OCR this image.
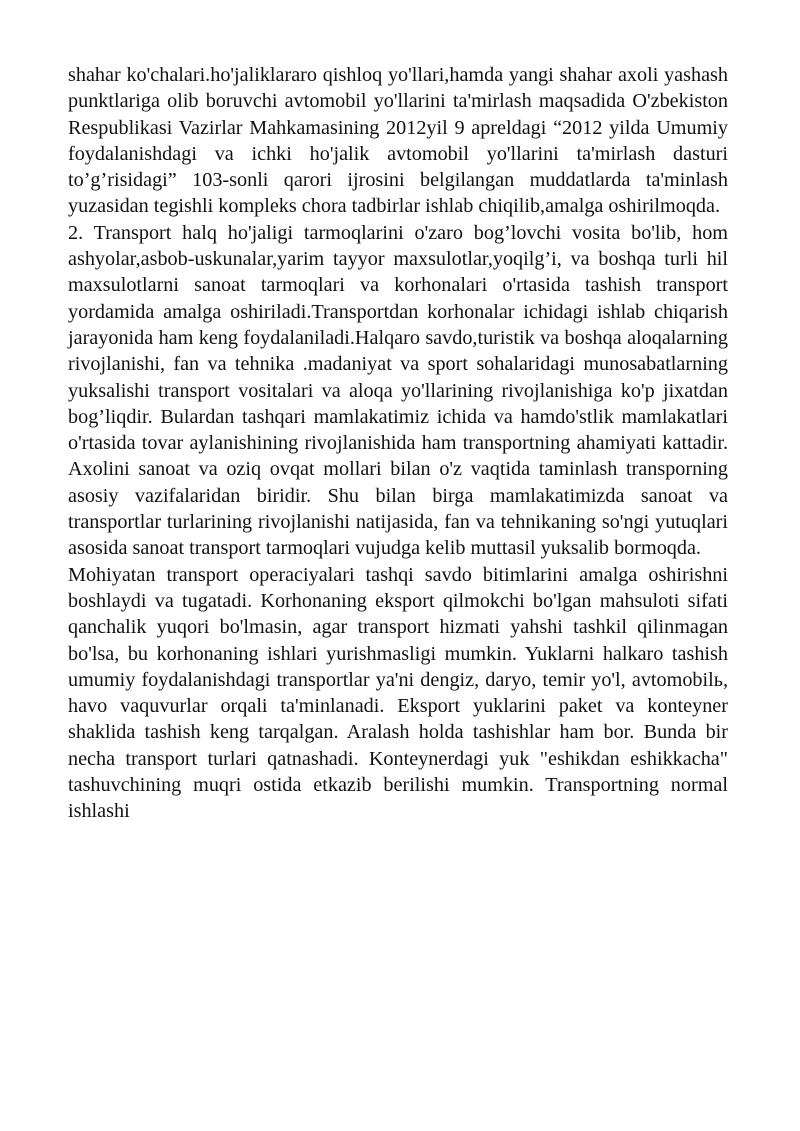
shahar ko'chalari.ho'jaliklararo qishloq yo'llari,hamda yangi shahar axoli yashash punktlariga olib boruvchi avtomobil yo'llarini ta'mirlash maqsadida O'zbekiston Respublikasi Vazirlar Mahkamasining 2012yil 9 apreldagi “2012 yilda Umumiy foydalanishdagi va ichki ho'jalik avtomobil yo'llarini ta'mirlash dasturi to’g’risidagi” 103-sonli qarori ijrosini belgilangan muddatlarda ta'minlash yuzasidan tegishli kompleks chora tadbirlar ishlab chiqilib,amalga oshirilmoqda.

2. Transport halq ho'jaligi tarmoqlarini o'zaro bog’lovchi vosita bo'lib, hom ashyolar,asbob-uskunalar,yarim tayyor maxsulotlar,yoqilg’i, va boshqa turli hil maxsulotlarni sanoat tarmoqlari va korhonalari o'rtasida tashish transport yordamida amalga oshiriladi.Transportdan korhonalar ichidagi ishlab chiqarish jarayonida ham keng foydalaniladi.Halqaro savdo,turistik va boshqa aloqalarning rivojlanishi, fan va tehnika .madaniyat va sport sohalaridagi munosabatlarning yuksalishi transport vositalari va aloqa yo'llarining rivojlanishiga ko'p jixatdan bog’liqdir. Bulardan tashqari mamlakatimiz ichida va hamdo'stlik mamlakatlari o'rtasida tovar aylanishining rivojlanishida ham transportning ahamiyati kattadir. Axolini sanoat va oziq ovqat mollari bilan o'z vaqtida taminlash transporning asosiy vazifalaridan biridir. Shu bilan birga mamlakatimizda sanoat va transportlar turlarining rivojlanishi natijasida, fan va tehnikaning so'ngi yutuqlari asosida sanoat transport tarmoqlari vujudga kelib muttasil yuksalib bormoqda.

Mohiyatan transport operaciyalari tashqi savdo bitimlarini amalga oshirishni boshlaydi va tugatadi. Korhonaning eksport qilmokchi bo'lgan mahsuloti sifati qanchalik yuqori bo'lmasin, agar transport hizmati yahshi tashkil qilinmagan bo'lsa, bu korhonaning ishlari yurishmasligi mumkin. Yuklarni halkaro tashish umumiy foydalanishdagi transportlar ya'ni dengiz, daryo, temir yo'l, avtomobilь, havo vaquvurlar orqali ta'minlanadi. Eksport yuklarini paket va konteyner shaklida tashish keng tarqalgan. Aralash holda tashishlar ham bor. Bunda bir necha transport turlari qatnashadi. Konteynerdagi yuk "eshikdan eshikkacha" tashuvchining muqri ostida etkazib berilishi mumkin. Transportning normal ishlashi
